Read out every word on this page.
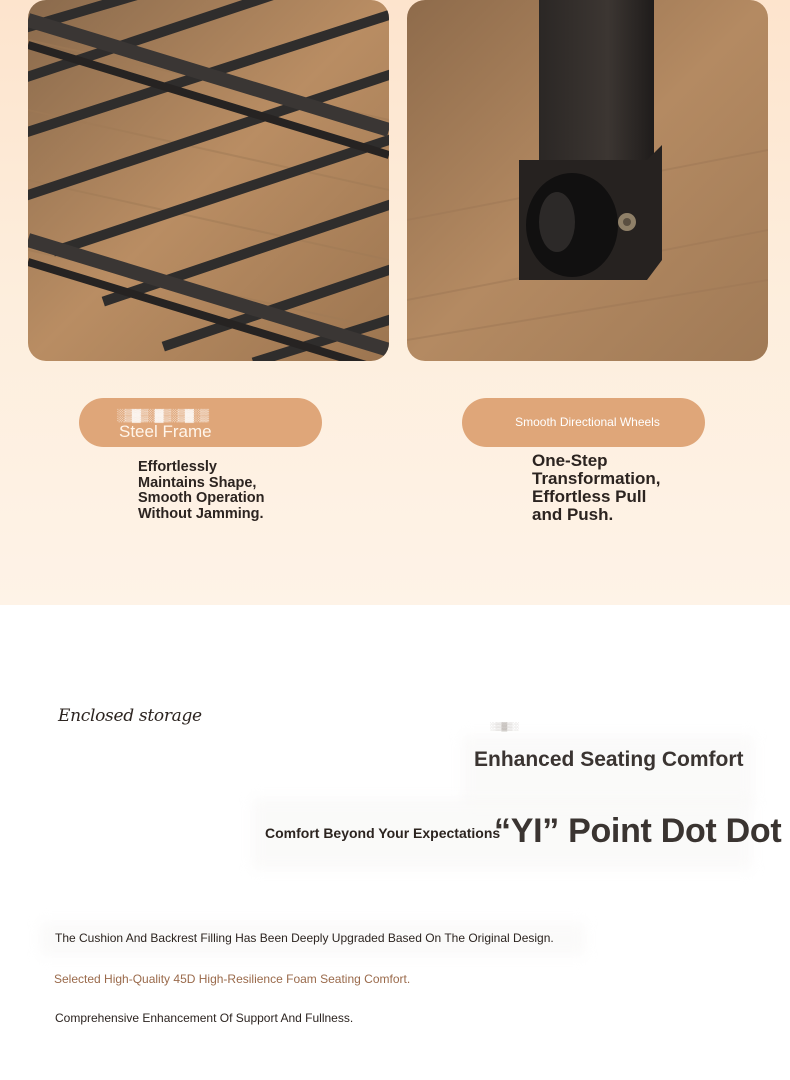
░▒▓▒░▓▒░▒▓░▒
Steel Frame	Smooth Directional Wheels
Effortlessly
Maintains Shape,
Smooth Operation
Without Jamming.
One-Step
Transformation,
Effortless Pull
and Push.
Enclosed storage
░▒▓▒░
Enhanced Seating Comfort
Comfort Beyond Your Expectations
“YI” Point Dot Dot
The Cushion And Backrest Filling Has Been Deeply Upgraded Based On The Original Design.
Selected High-Quality 45D High-Resilience Foam Seating Comfort.
Comprehensive Enhancement Of Support And Fullness.
